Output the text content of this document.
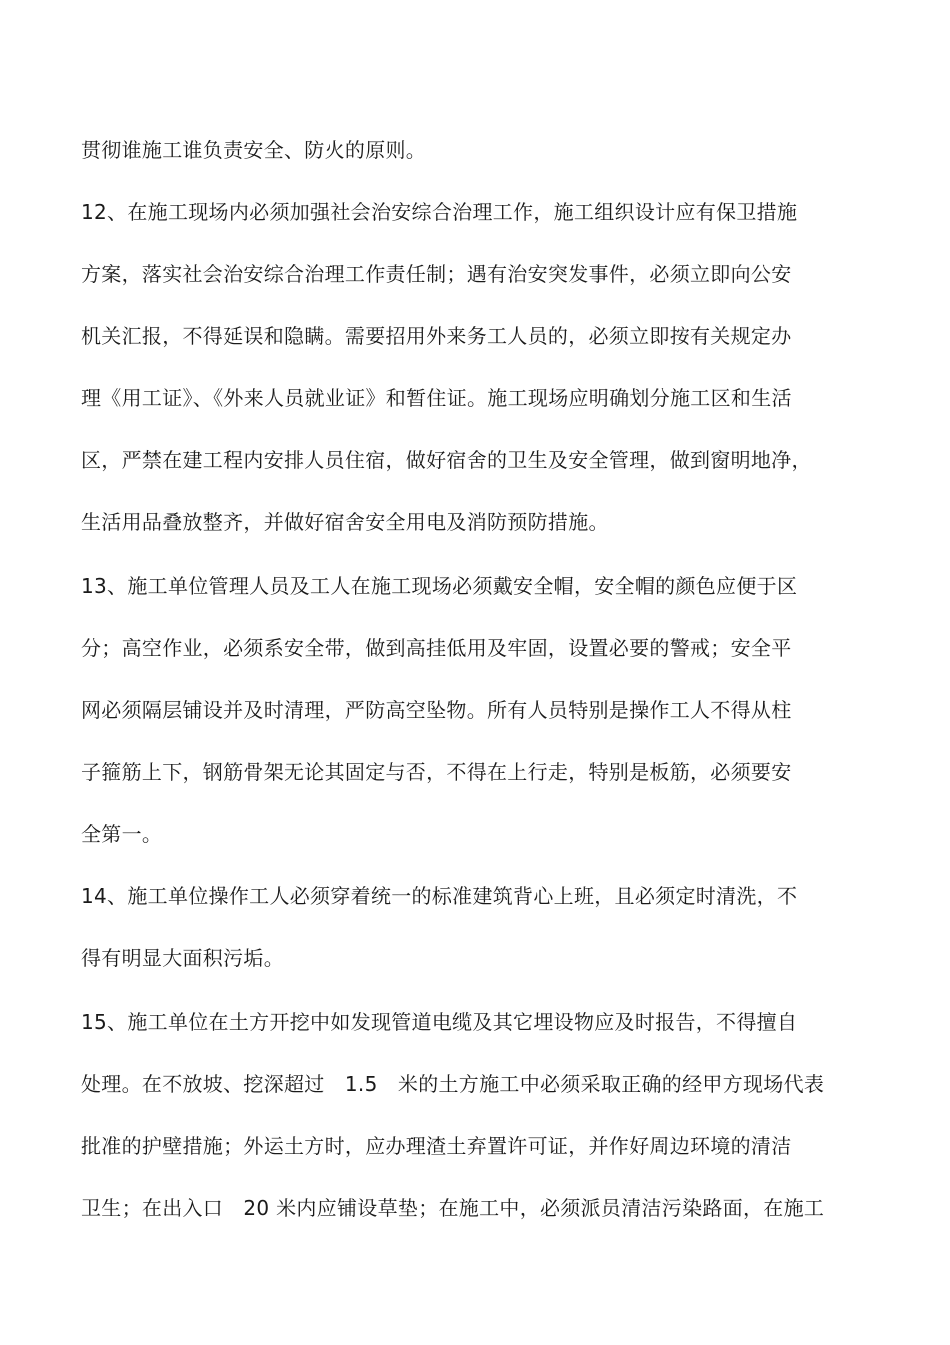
贯彻谁施工谁负责安全、防火的原则。
12、在施工现场内必须加强社会治安综合治理工作，施工组织设计应有保卫措施
方案，落实社会治安综合治理工作责任制；遇有治安突发事件，必须立即向公安
机关汇报，不得延误和隐瞒。需要招用外来务工人员的，必须立即按有关规定办
理《用工证》、《外来人员就业证》和暂住证。施工现场应明确划分施工区和生活
区，严禁在建工程内安排人员住宿，做好宿舍的卫生及安全管理，做到窗明地净，
生活用品叠放整齐，并做好宿舍安全用电及消防预防措施。
13、施工单位管理人员及工人在施工现场必须戴安全帽，安全帽的颜色应便于区
分；高空作业，必须系安全带，做到高挂低用及牢固，设置必要的警戒；安全平
网必须隔层铺设并及时清理，严防高空坠物。所有人员特别是操作工人不得从柱
子箍筋上下，钢筋骨架无论其固定与否，不得在上行走，特别是板筋，必须要安
全第一。
14、施工单位操作工人必须穿着统一的标准建筑背心上班，且必须定时清洗，不
得有明显大面积污垢。
15、施工单位在土方开挖中如发现管道电缆及其它埋设物应及时报告，不得擅自
处理。在不放坡、挖深超过　1.5　米的土方施工中必须采取正确的经甲方现场代表
批准的护壁措施；外运土方时，应办理渣土弃置许可证，并作好周边环境的清洁
卫生；在出入口　20 米内应铺设草垫；在施工中，必须派员清洁污染路面，在施工
